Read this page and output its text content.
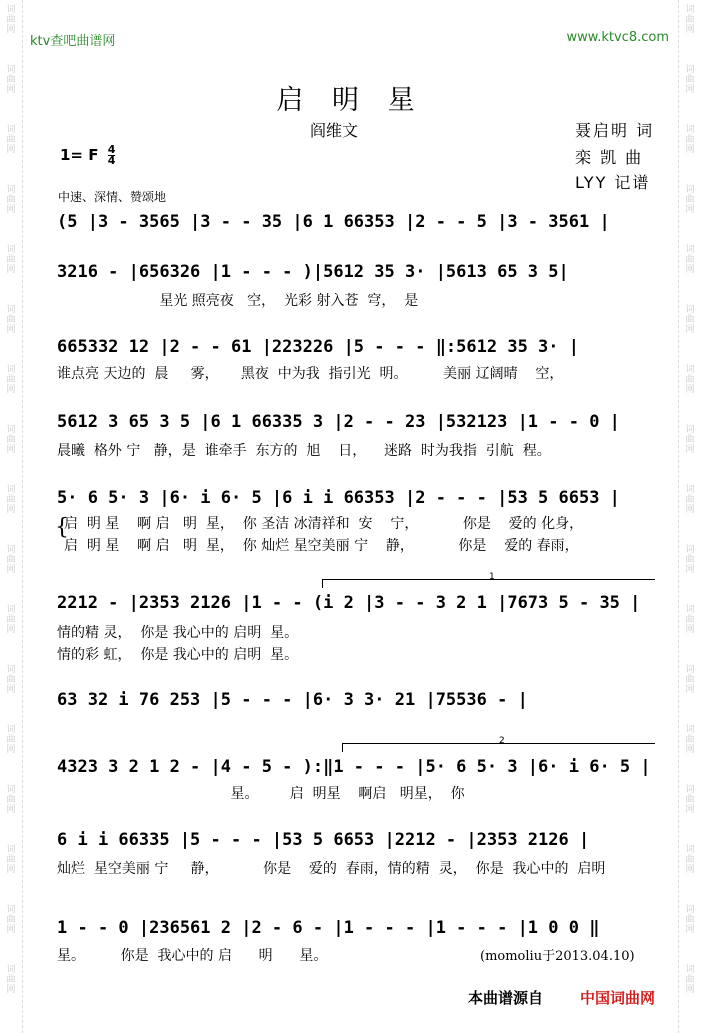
ktv查吧曲谱网	www.ktvc8.com
启 明 星
阎维文	聂启明 词
栾 凯 曲
LYY 记谱
1= F $\frac{4}{4}$
中速、深情、赞颂地
(5 |3 - 3565 |3 - - 35 |6 1 66353 |2 - - 5 |3 - 3561 |
3216 - |656326 |1 - - - )|5612 35 3· |5613 65 3 5|
星光 照亮夜   空，  光彩 射入苍  穹，  是
665332 12 |2 - - 61 |223226 |5 - - - ‖:5612 35 3· |
谁点亮 天边的  晨     雾，     黑夜  中为我  指引光  明。        美丽 辽阔晴    空，
5612 3 65 3 5 |6 1 66335 3 |2 - - 23 |532123 |1 - - 0 |
晨曦  格外 宁   静，是  谁牵手  东方的  旭    日，    迷路  时为我指  引航  程。
5· 6 5· 3 |6· i 6· 5 |6 i i 66353 |2 - - - |53 5 6653 |
{
启  明 星    啊 启   明  星，  你 圣洁 冰清祥和  安    宁，          你是    爱的 化身，
启  明 星    啊 启   明  星，  你 灿烂 星空美丽 宁    静，          你是    爱的 春雨，
1
2212 - |2353 2126 |1 - - (i 2 |3 - - 3 2 1 |7673 5 - 35 |
情的精 灵，  你是 我心中的 启明  星。
情的彩 虹，  你是 我心中的 启明  星。
63 32 i 76 253 |5 - - - |6· 3 3· 21 |75536 - |
2
4323 3 2 1 2 - |4 - 5 - ):‖1 - - - |5· 6 5· 3 |6· i 6· 5 |
星。       启  明星    啊启   明星，  你
6 i i 66335 |5 - - - |53 5 6653 |2212 - |2353 2126 |
灿烂  星空美丽 宁     静，          你是    爱的  春雨，情的精  灵，  你是  我心中的  启明
1 - - 0 |236561 2 |2 - 6 - |1 - - - |1 - - - |1 0 0 ‖
星。        你是  我心中的 启      明      星。	(momoliu于2013.04.10)
本曲谱源自 中国词曲网
词
曲
网
词
曲
网
词
曲
网
词
曲
网
词
曲
网
词
曲
网
词
曲
网
词
曲
网
词
曲
网
词
曲
网
词
曲
网
词
曲
网
词
曲
网
词
曲
网
词
曲
网
词
曲
网
词
曲
网
词
曲
网
词
曲
网
词
曲
网
词
曲
网
词
曲
网
词
曲
网
词
曲
网
词
曲
网
词
曲
网
词
曲
网
词
曲
网
词
曲
网
词
曲
网
词
曲
网
词
曲
网
词
曲
网
词
曲
网
